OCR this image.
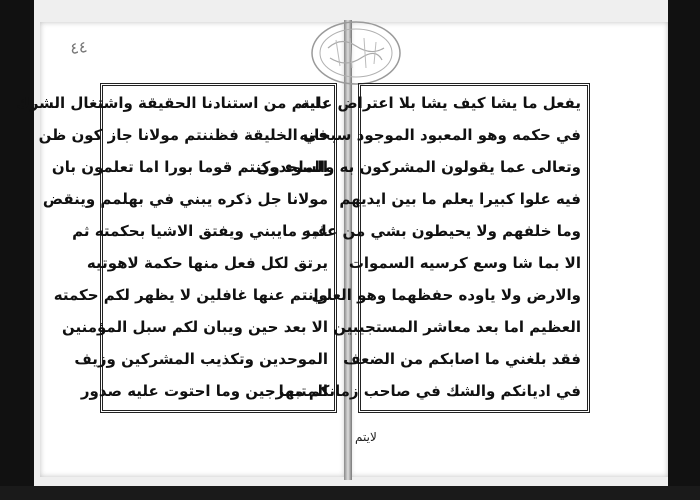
٤٤
دايتم من استنادنا الحقيقة واشتغال الشرك
في الخليقة فظننتم مولانا جاز كون ظن
السوء وكنتم قوما بورا اما تعلمون بان
مولانا جل ذكره يبني في بهلمم وينقض
غير مايبني ويفتق الاشيا بحكمته ثم
يرتق لكل فعل منها حكمة لاهوتيه
وانتم عنها غافلين لا يظهر لكم حكمته
الا بعد حين ويبان لكم سبل المؤمنين
الموحدين وتكذيب المشركين وزيف
المتبهرجين وما احتوت عليه صدور
يفعل ما يشا كيف يشا بلا اعتراض عليه
في حكمه وهو المعبود الموجود سبحانه
وتعالى عما يقولون المشركون به والملحدون
فيه علوا كبيرا يعلم ما بين ايديهم
وما خلفهم ولا يحيطون بشي من علمه
الا بما شا وسع كرسيه السموات
والارض ولا ياوده حفظهما وهو العلي
العظيم اما بعد معاشر المستجيبين
فقد بلغني ما اصابكم من الضعف
في اديانكم والشك في صاحب زمانكم مما
لايتم
